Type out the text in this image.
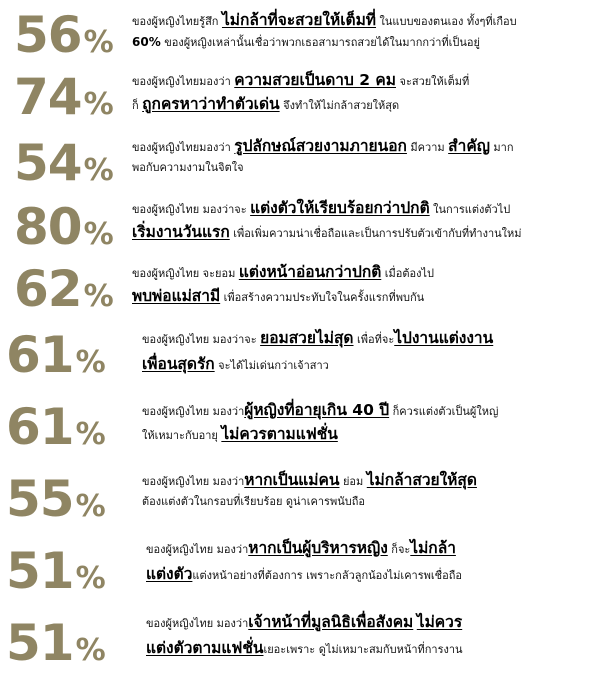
56%
ของผู้หญิงไทยรู้สึก ไม่กล้าที่จะสวยให้เต็มที่ ในแบบของตนเอง ทั้งๆที่เกือบ
60% ของผู้หญิงเหล่านั้นเชื่อว่าพวกเธอสามารถสวยได้ในมากกว่าที่เป็นอยู่
74%
ของผู้หญิงไทยมองว่า ความสวยเป็นดาบ 2 คม จะสวยให้เต็มที่
ก็ ถูกครหาว่าทำตัวเด่น จึงทำให้ไม่กล้าสวยให้สุด
54%
ของผู้หญิงไทยมองว่า รูปลักษณ์สวยงามภายนอก มีความ สำคัญ มาก
พอกับความงามในจิตใจ
80%
ของผู้หญิงไทย มองว่าจะ แต่งตัวให้เรียบร้อยกว่าปกติ ในการแต่งตัวไป
เริ่มงานวันแรก เพื่อเพิ่มความน่าเชื่อถือและเป็นการปรับตัวเข้ากับที่ทำงานใหม่
62%
ของผู้หญิงไทย จะยอม แต่งหน้าอ่อนกว่าปกติ เมื่อต้องไป
พบพ่อแม่สามี เพื่อสร้างความประทับใจในครั้งแรกที่พบกัน
61%
ของผู้หญิงไทย มองว่าจะ ยอมสวยไม่สุด เพื่อที่จะไปงานแต่งงาน
เพื่อนสุดรัก จะได้ไม่เด่นกว่าเจ้าสาว
61%
ของผู้หญิงไทย มองว่าผู้หญิงที่อายุเกิน 40 ปี ก็ควรแต่งตัวเป็นผู้ใหญ่
ให้เหมาะกับอายุ ไม่ควรตามแฟชั่น
55%
ของผู้หญิงไทย มองว่าหากเป็นแม่คน ย่อม ไม่กล้าสวยให้สุด
ต้องแต่งตัวในกรอบที่เรียบร้อย ดูน่าเคารพนับถือ
51%
ของผู้หญิงไทย มองว่าหากเป็นผู้บริหารหญิง ก็จะไม่กล้า
แต่งตัวแต่งหน้าอย่างที่ต้องการ เพราะกลัวลูกน้องไม่เคารพเชื่อถือ
51%
ของผู้หญิงไทย มองว่าเจ้าหน้าที่มูลนิธิเพื่อสังคม ไม่ควร
แต่งตัวตามแฟชั่นเยอะเพราะ ดูไม่เหมาะสมกับหน้าที่การงาน
